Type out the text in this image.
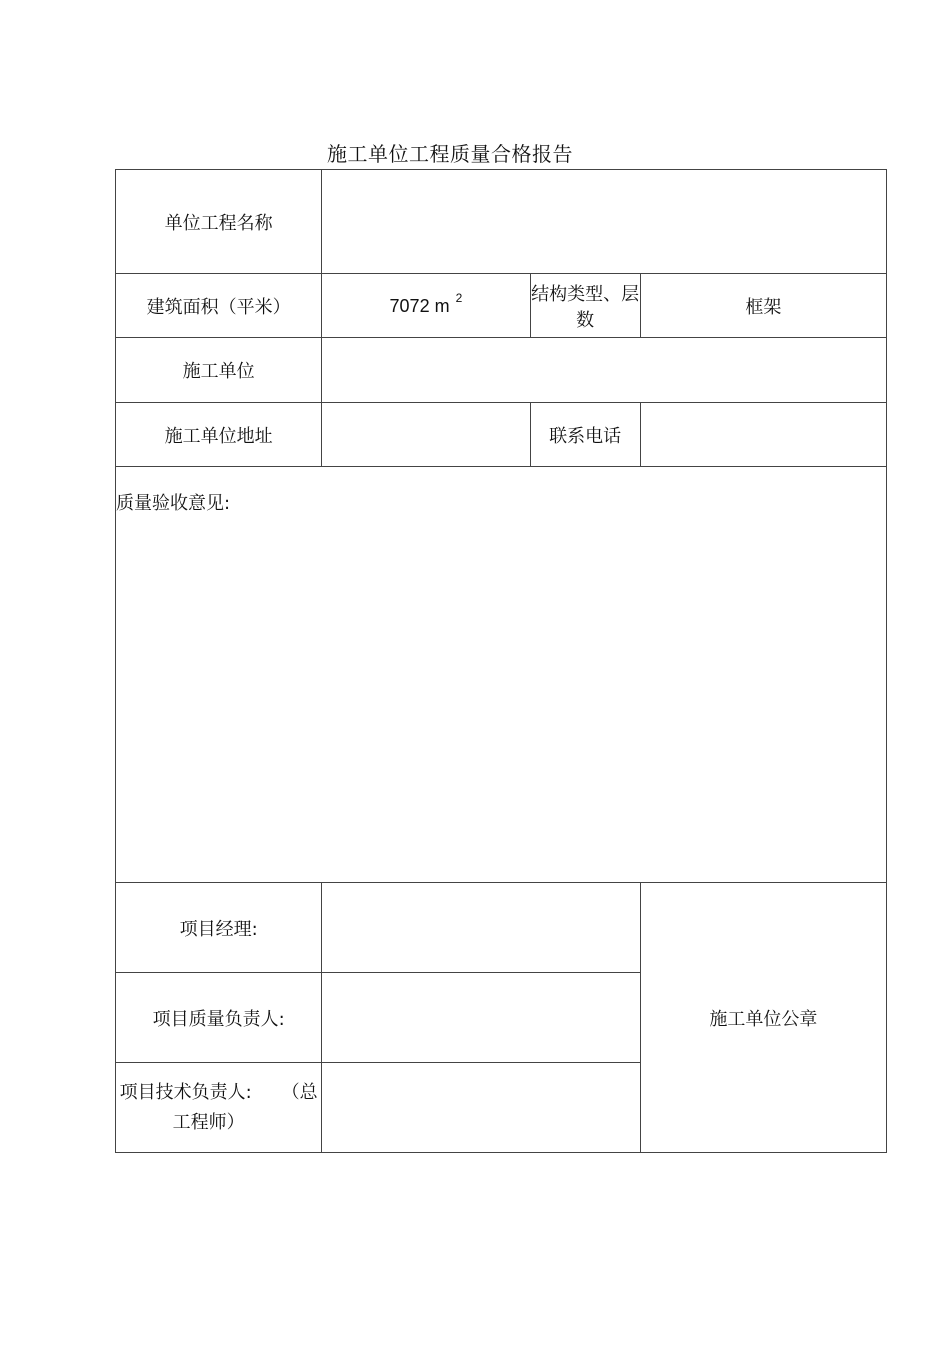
施工单位工程质量合格报告
单位工程名称			
建筑面积（平米）	7072 m $^2$	结构类型、层数	框架
施工单位			
施工单位地址		联系电话	

质量验收意见:			

项目经理:			施工单位公章
项目质量负责人:			
项目技术负责人: （总
工程师）			
